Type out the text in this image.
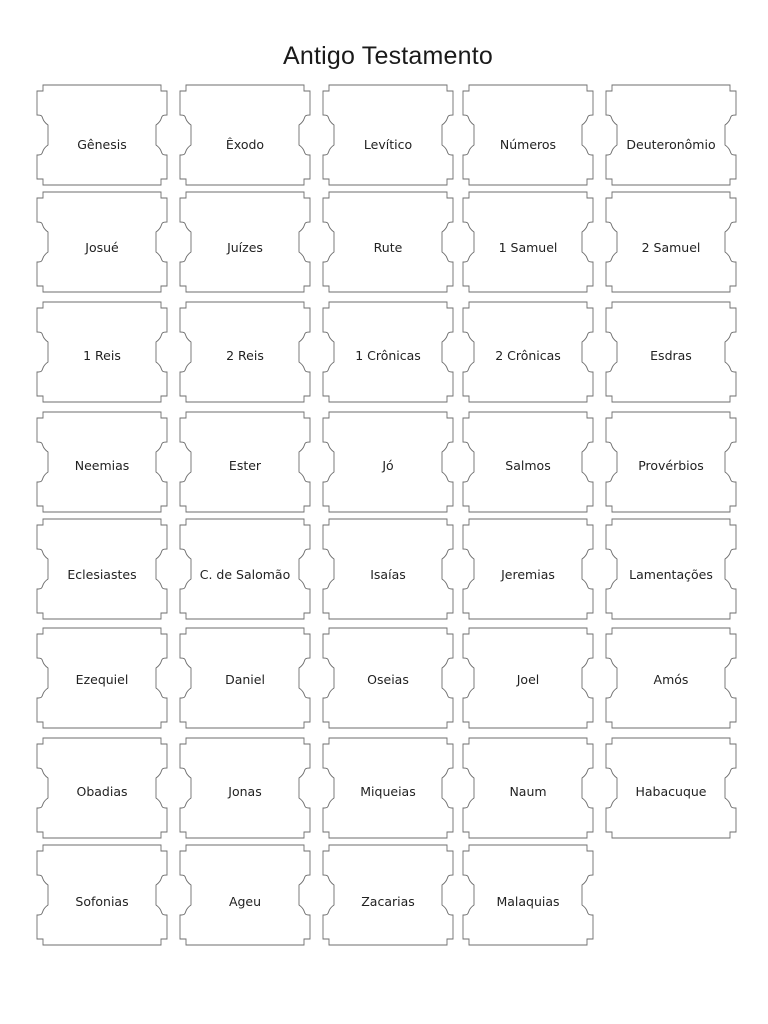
Antigo Testamento
Gênesis	Êxodo	Levítico	Números	Deuteronômio
Josué	Juízes	Rute	1 Samuel	2 Samuel
1 Reis	2 Reis	1 Crônicas	2 Crônicas	Esdras
Neemias	Ester	Jó	Salmos	Provérbios
Eclesiastes	C. de Salomão	Isaías	Jeremias	Lamentações
Ezequiel	Daniel	Oseias	Joel	Amós
Obadias	Jonas	Miqueias	Naum	Habacuque
Sofonias	Ageu	Zacarias	Malaquias
